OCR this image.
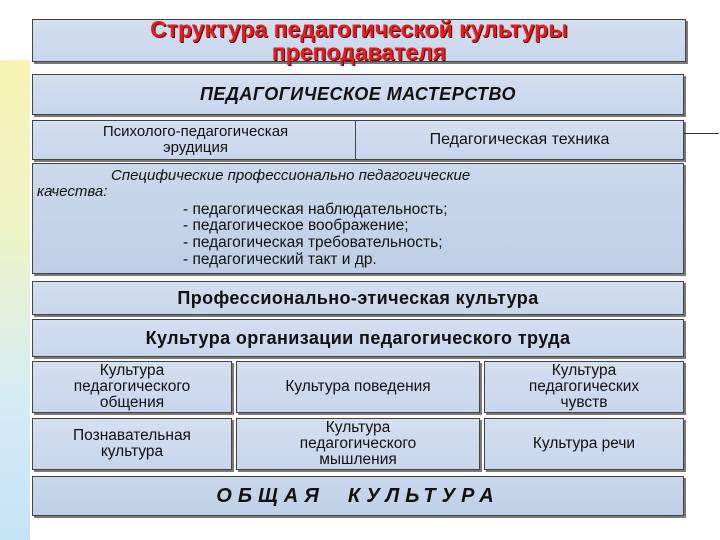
Структура педагогической культуры
преподавателя
ПЕДАГОГИЧЕСКОЕ МАСТЕРСТВО
Психолого-педагогическая
эрудиция	Педагогическая техника
Специфические профессионально педагогические
качества:
- педагогическая наблюдательность;
- педагогическое воображение;
- педагогическая требовательность;
- педагогический такт и др.
Профессионально-этическая культура
Культура организации педагогического труда
Культура
педагогического
общения
Культура поведения
Культура
педагогических
чувств
Познавательная
культура
Культура
педагогического
мышления
Культура речи
ОБЩАЯ  КУЛЬТУРА
